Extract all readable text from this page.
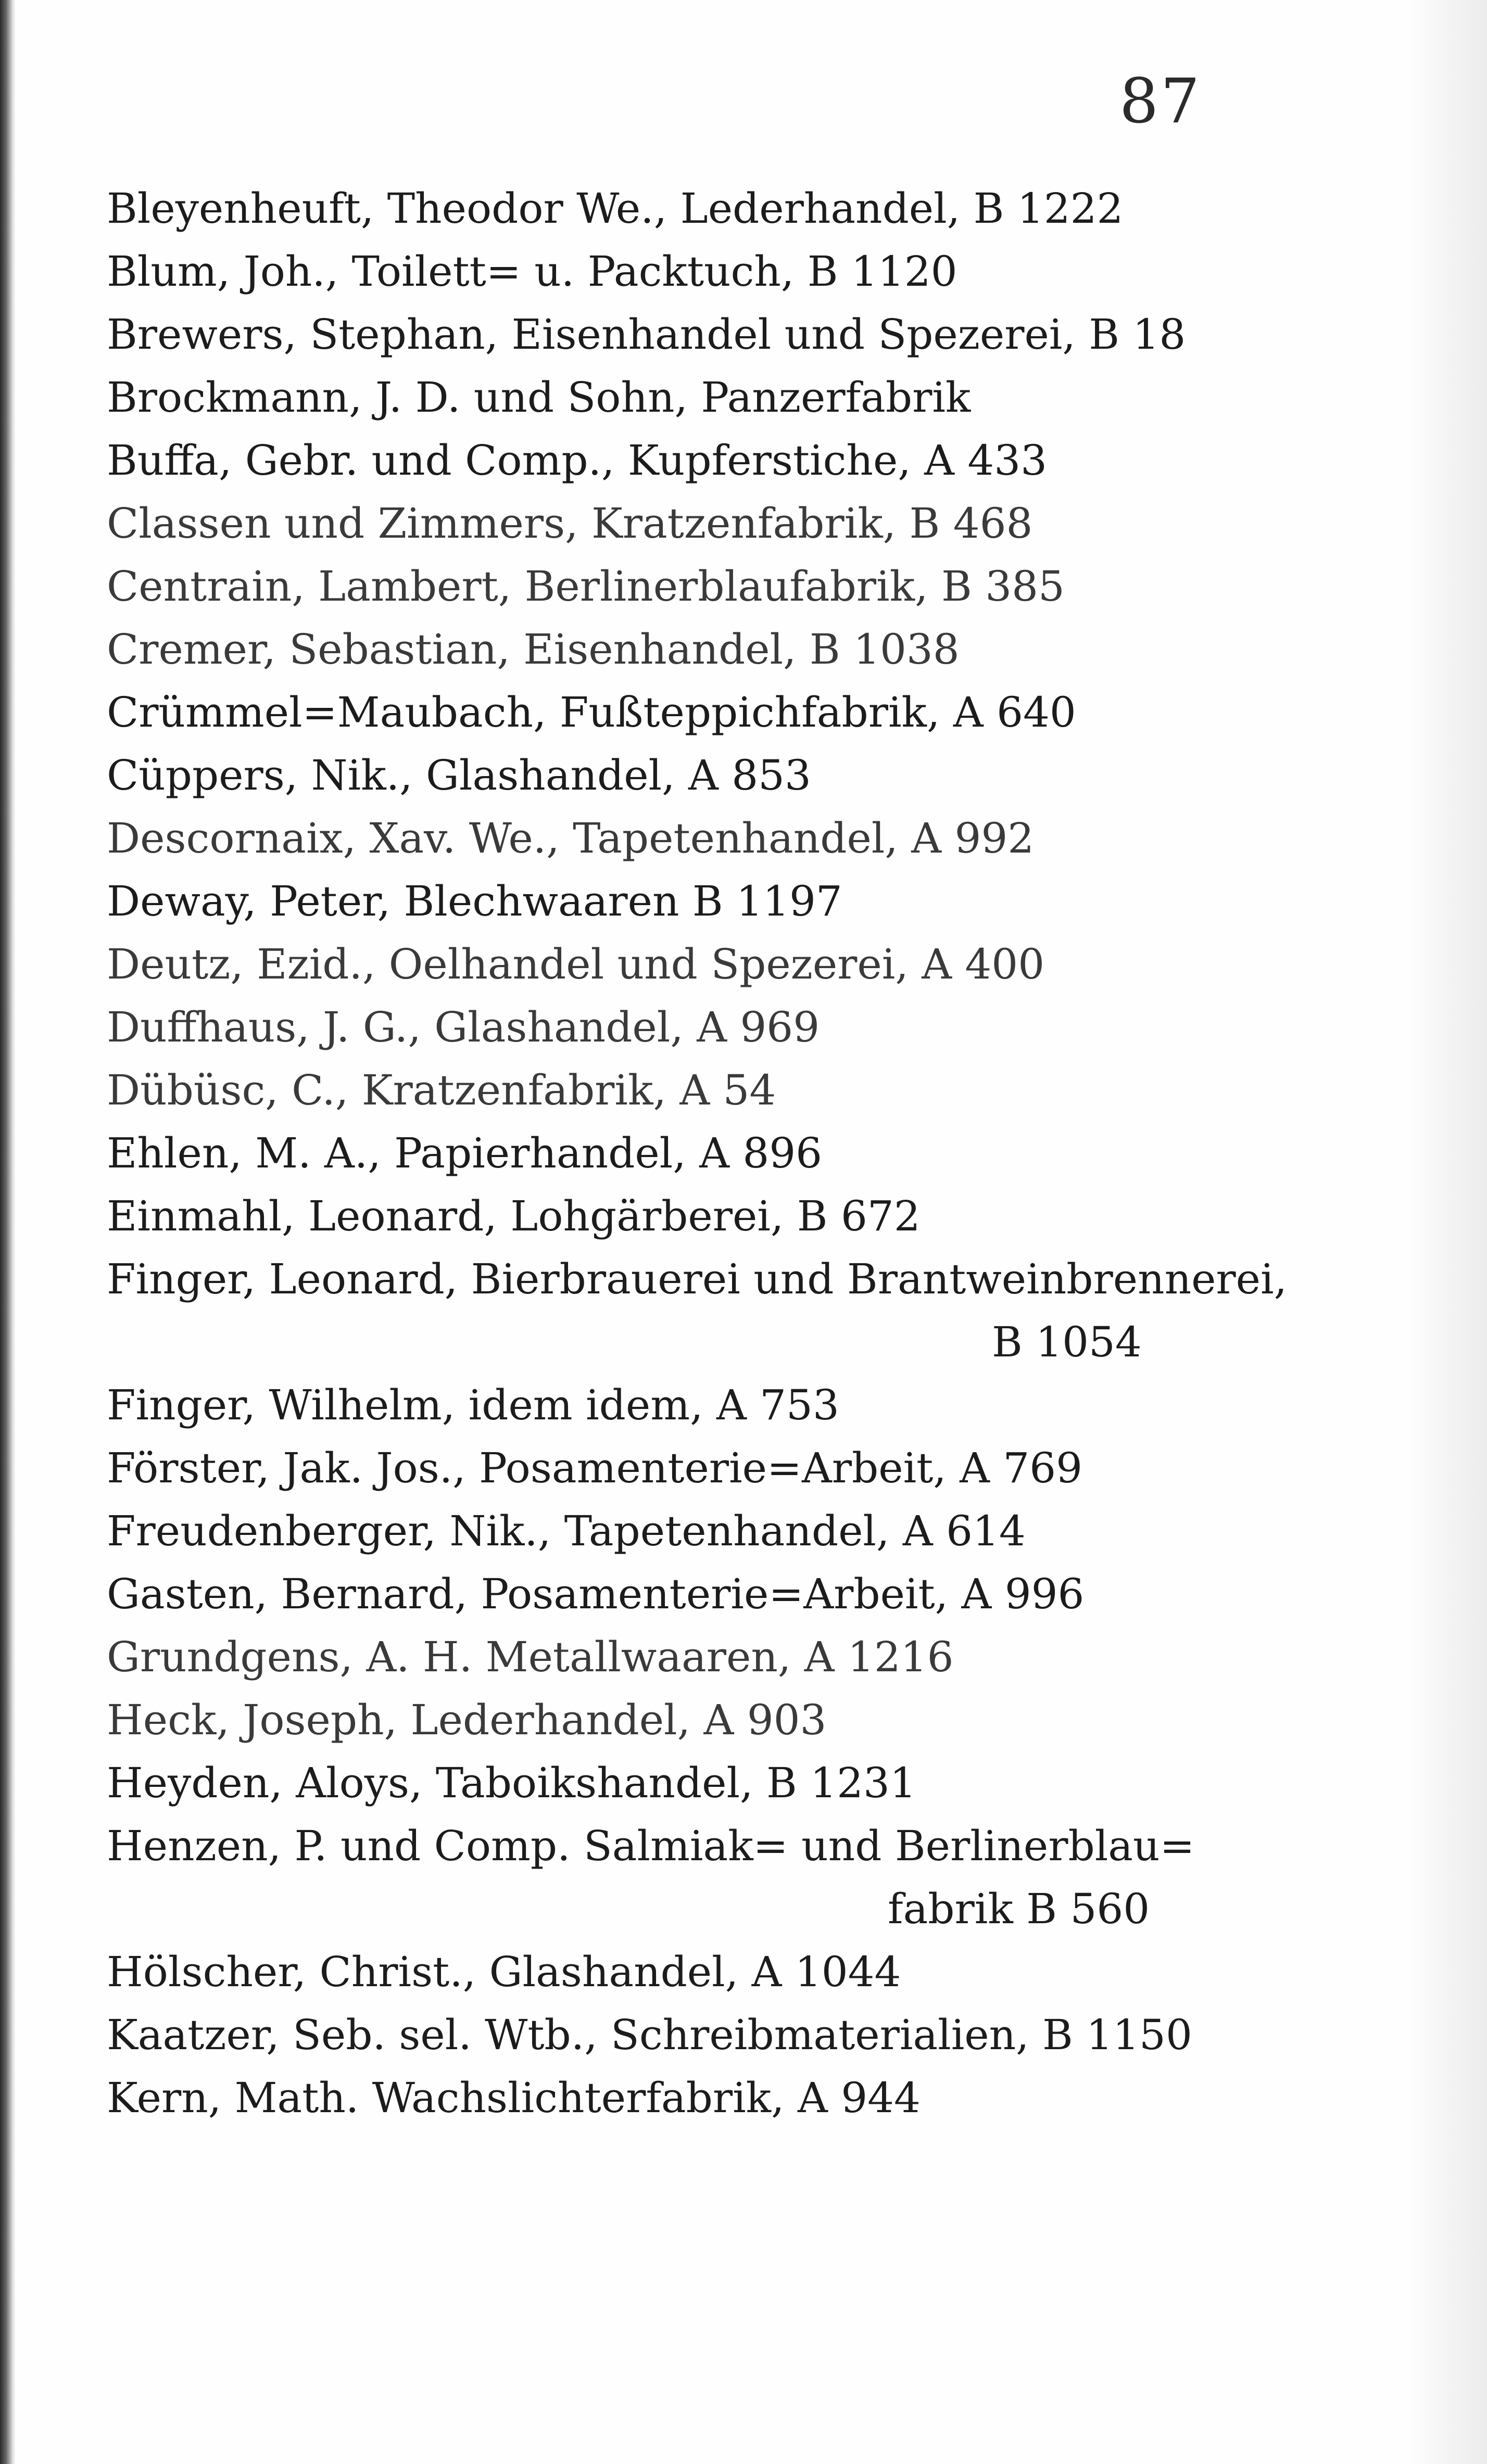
87
Bleyenheuft, Theodor We., Lederhandel, B 1222
Blum, Joh., Toilett= u. Packtuch, B 1120
Brewers, Stephan, Eisenhandel und Spezerei, B 18
Brockmann, J. D. und Sohn, Panzerfabrik
Buffa, Gebr. und Comp., Kupferstiche, A 433
Classen und Zimmers, Kratzenfabrik, B 468
Centrain, Lambert, Berlinerblaufabrik, B 385
Cremer, Sebastian, Eisenhandel, B 1038
Crümmel=Maubach, Fußteppichfabrik, A 640
Cüppers, Nik., Glashandel, A 853
Descornaix, Xav. We., Tapetenhandel, A 992
Deway, Peter, Blechwaaren B 1197
Deutz, Ezid., Oelhandel und Spezerei, A 400
Duffhaus, J. G., Glashandel, A 969
Dübüsc, C., Kratzenfabrik, A 54
Ehlen, M. A., Papierhandel, A 896
Einmahl, Leonard, Lohgärberei, B 672
Finger, Leonard, Bierbrauerei und Brantweinbrennerei,
B 1054
Finger, Wilhelm, idem idem, A 753
Förster, Jak. Jos., Posamenterie=Arbeit, A 769
Freudenberger, Nik., Tapetenhandel, A 614
Gasten, Bernard, Posamenterie=Arbeit, A 996
Grundgens, A. H. Metallwaaren, A 1216
Heck, Joseph, Lederhandel, A 903
Heyden, Aloys, Taboikshandel, B 1231
Henzen, P. und Comp. Salmiak= und Berlinerblau=
fabrik B 560
Hölscher, Christ., Glashandel, A 1044
Kaatzer, Seb. sel. Wtb., Schreibmaterialien, B 1150
Kern, Math. Wachslichterfabrik, A 944
